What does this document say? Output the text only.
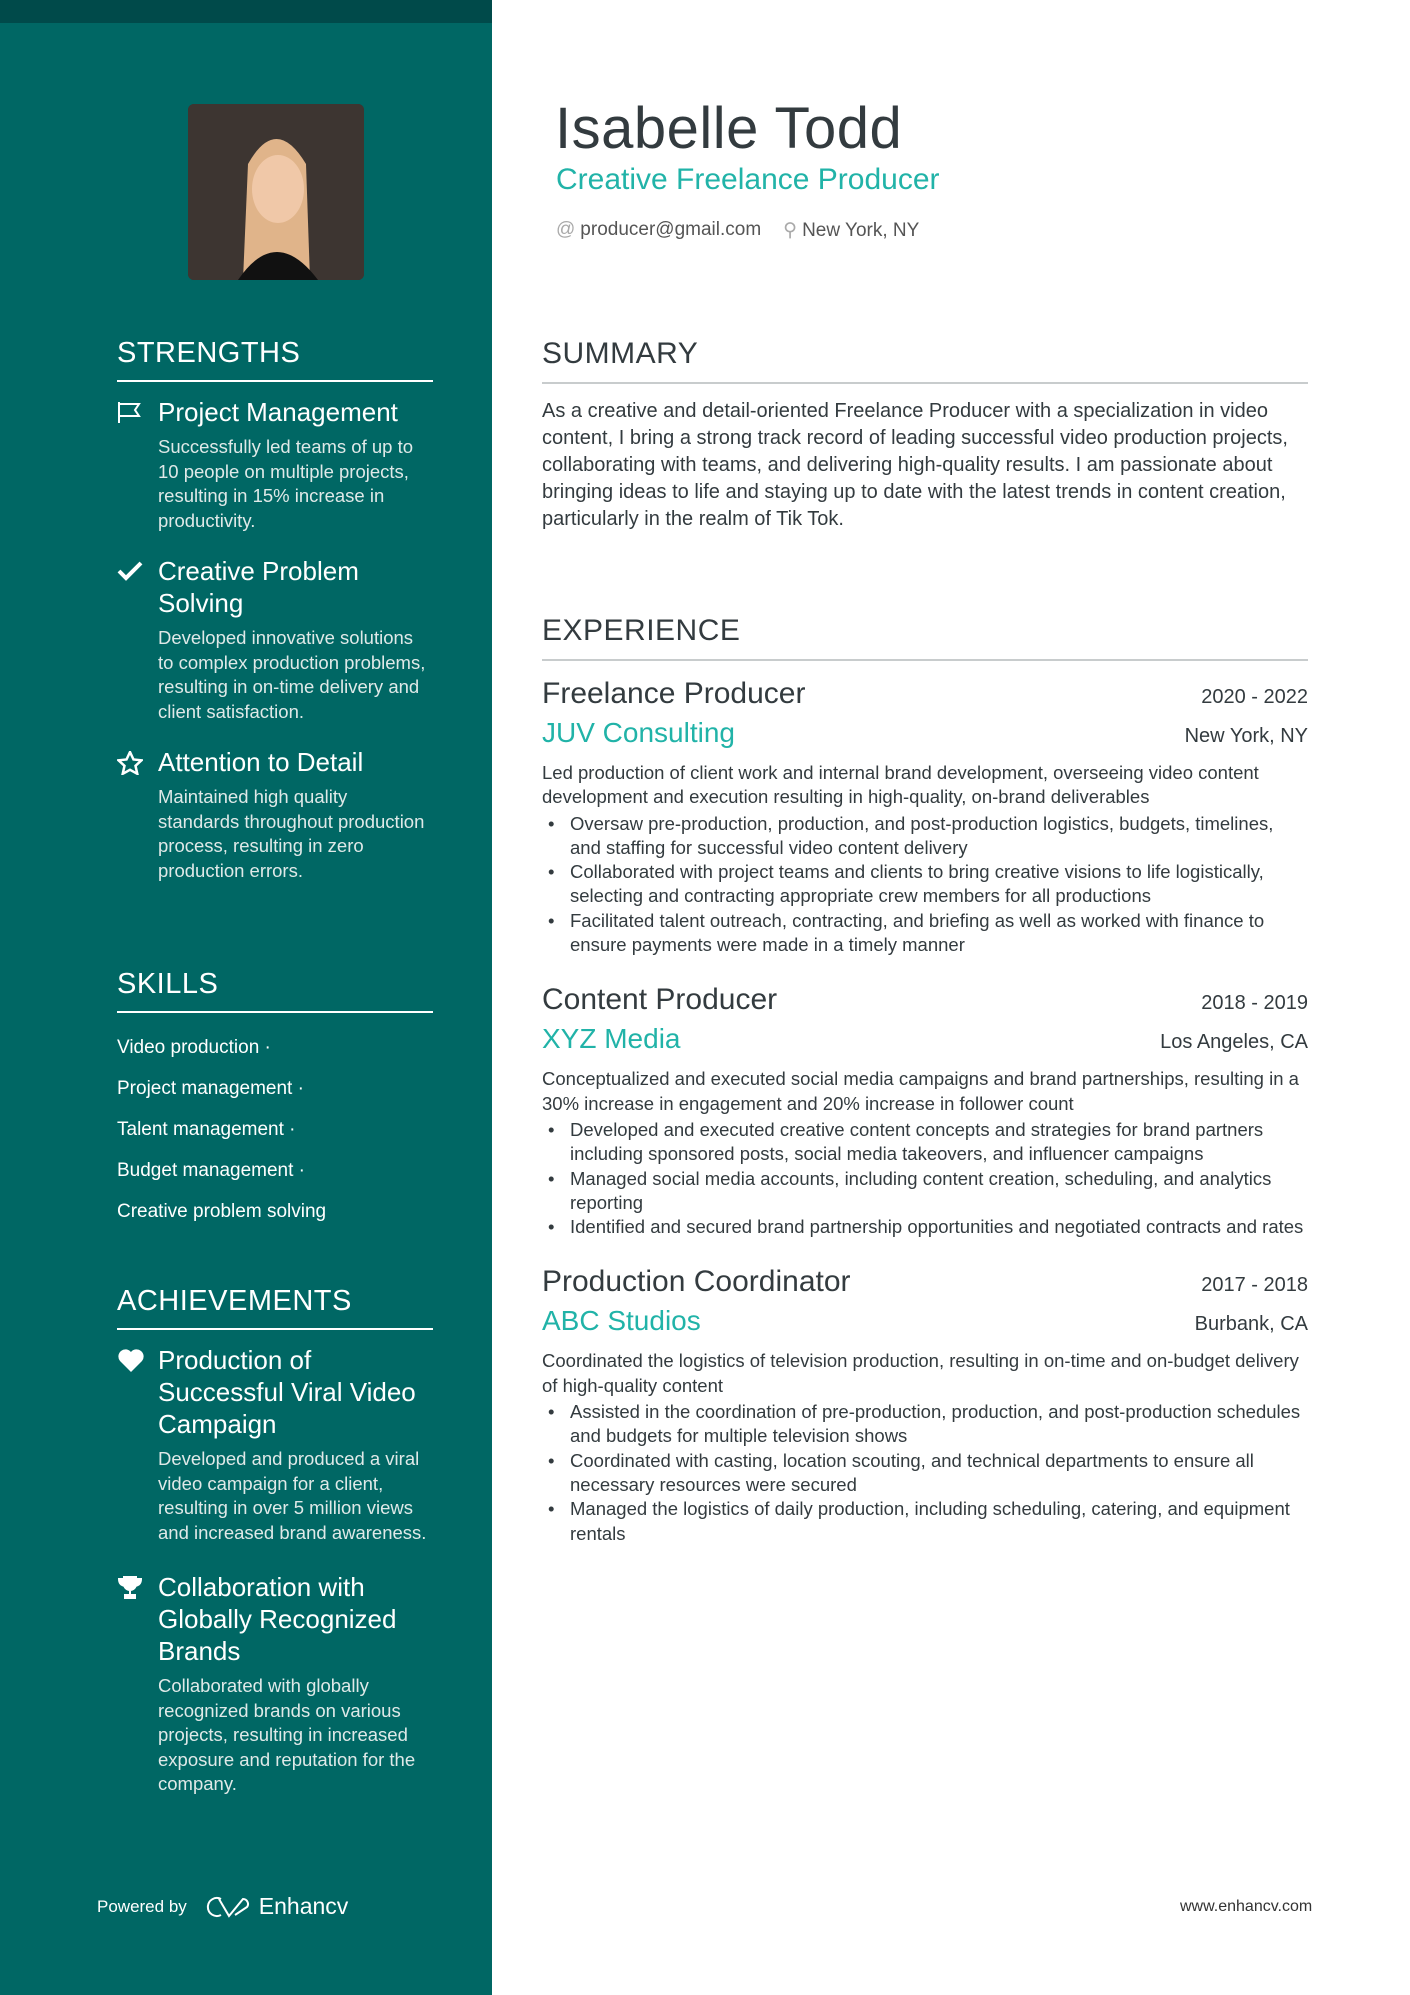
STRENGTHS
Project Management
Successfully led teams of up to 10 people on multiple projects, resulting in 15% increase in productivity.
Creative Problem Solving
Developed innovative solutions to complex production problems, resulting in on-time delivery and client satisfaction.
Attention to Detail
Maintained high quality standards throughout production process, resulting in zero production errors.
SKILLS
Video production ·
Project management ·
Talent management ·
Budget management ·
Creative problem solving
ACHIEVEMENTS
Production of Successful Viral Video Campaign
Developed and produced a viral video campaign for a client, resulting in over 5 million views and increased brand awareness.
Collaboration with Globally Recognized Brands
Collaborated with globally recognized brands on various projects, resulting in increased exposure and reputation for the company.
Powered by	Enhancv
Isabelle Todd
Creative Freelance Producer
@ producer@gmail.com ⚲ New York, NY
SUMMARY
As a creative and detail-oriented Freelance Producer with a specialization in video content, I bring a strong track record of leading successful video production projects, collaborating with teams, and delivering high-quality results. I am passionate about bringing ideas to life and staying up to date with the latest trends in content creation, particularly in the realm of Tik Tok.
EXPERIENCE
Freelance Producer	2020 - 2022
JUV Consulting	New York, NY
Led production of client work and internal brand development, overseeing video content development and execution resulting in high-quality, on-brand deliverables
• Oversaw pre-production, production, and post-production logistics, budgets, timelines, and staffing for successful video content delivery
• Collaborated with project teams and clients to bring creative visions to life logistically, selecting and contracting appropriate crew members for all productions
• Facilitated talent outreach, contracting, and briefing as well as worked with finance to ensure payments were made in a timely manner
Content Producer	2018 - 2019
XYZ Media	Los Angeles, CA
Conceptualized and executed social media campaigns and brand partnerships, resulting in a 30% increase in engagement and 20% increase in follower count
• Developed and executed creative content concepts and strategies for brand partners including sponsored posts, social media takeovers, and influencer campaigns
• Managed social media accounts, including content creation, scheduling, and analytics reporting
• Identified and secured brand partnership opportunities and negotiated contracts and rates
Production Coordinator	2017 - 2018
ABC Studios	Burbank, CA
Coordinated the logistics of television production, resulting in on-time and on-budget delivery of high-quality content
• Assisted in the coordination of pre-production, production, and post-production schedules and budgets for multiple television shows
• Coordinated with casting, location scouting, and technical departments to ensure all necessary resources were secured
• Managed the logistics of daily production, including scheduling, catering, and equipment rentals
www.enhancv.com
